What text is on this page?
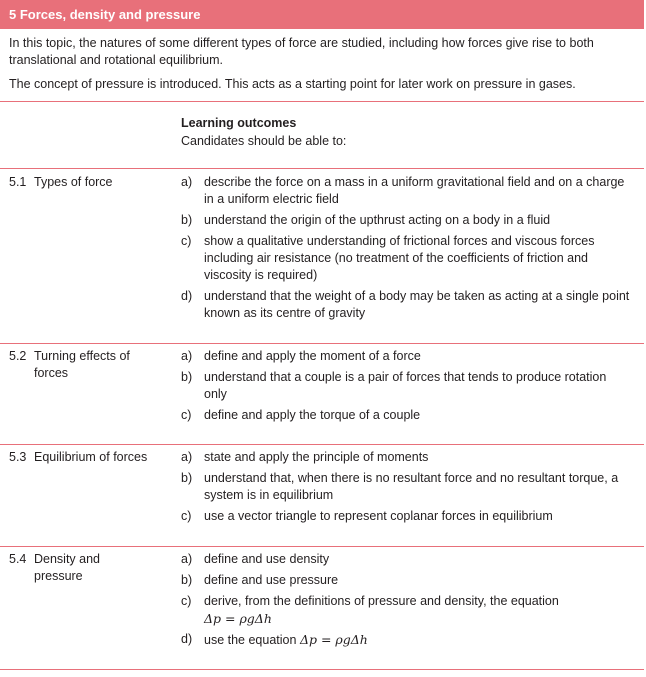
5 Forces, density and pressure

In this topic, the natures of some different types of force are studied, including how forces give rise to both translational and rotational equilibrium.

The concept of pressure is introduced. This acts as a starting point for later work on pressure in gases.

Learning outcomes
Candidates should be able to:
5.1 Types of force	a) describe the force on a mass in a uniform gravitational field and on a charge in a uniform electric field
b) understand the origin of the upthrust acting on a body in a fluid
c) show a qualitative understanding of frictional forces and viscous forces including air resistance (no treatment of the coefficients of friction and viscosity is required)
d) understand that the weight of a body may be taken as acting at a single point known as its centre of gravity
5.2 Turning effects of forces
a) define and apply the moment of a force
b) understand that a couple is a pair of forces that tends to produce rotation only
c) define and apply the torque of a couple
5.3 Equilibrium of forces	a) state and apply the principle of moments
b) understand that, when there is no resultant force and no resultant torque, a system is in equilibrium
c) use a vector triangle to represent coplanar forces in equilibrium
5.4 Density and pressure
a) define and use density
b) define and use pressure
c) derive, from the definitions of pressure and density, the equation
Δp = ρgΔh
d) use the equation Δp = ρgΔh
